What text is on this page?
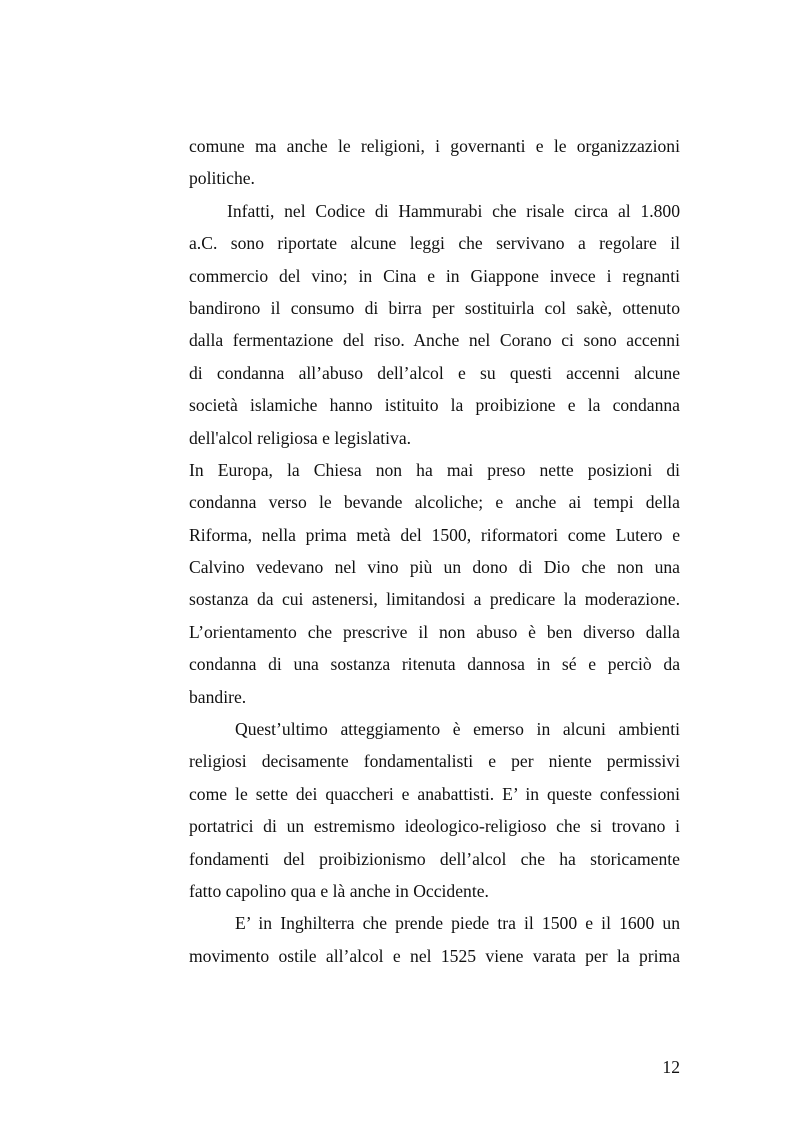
comune ma anche le religioni, i governanti e le organizzazioni
politiche.
Infatti, nel Codice di Hammurabi che risale circa al 1.800
a.C. sono riportate alcune leggi che servivano a regolare il
commercio del vino; in Cina e in Giappone invece i regnanti
bandirono il consumo di birra per sostituirla col sakè, ottenuto
dalla fermentazione del riso. Anche nel Corano ci sono accenni
di condanna all’abuso dell’alcol e su questi accenni alcune
società islamiche hanno istituito la proibizione e la condanna
dell'alcol religiosa e legislativa.
In Europa, la Chiesa non ha mai preso nette posizioni di
condanna verso le bevande alcoliche; e anche ai tempi della
Riforma, nella prima metà del 1500, riformatori come Lutero e
Calvino vedevano nel vino più un dono di Dio che non una
sostanza da cui astenersi, limitandosi a predicare la moderazione.
L’orientamento che prescrive il non abuso è ben diverso dalla
condanna di una sostanza ritenuta dannosa in sé e perciò da
bandire.
Quest’ultimo atteggiamento è emerso in alcuni ambienti
religiosi decisamente fondamentalisti e per niente permissivi
come le sette dei quaccheri e anabattisti. E’ in queste confessioni
portatrici di un estremismo ideologico-religioso che si trovano i
fondamenti del proibizionismo dell’alcol che ha storicamente
fatto capolino qua e là anche in Occidente.
E’ in Inghilterra che prende piede tra il 1500 e il 1600 un
movimento ostile all’alcol e nel 1525 viene varata per la prima
12
